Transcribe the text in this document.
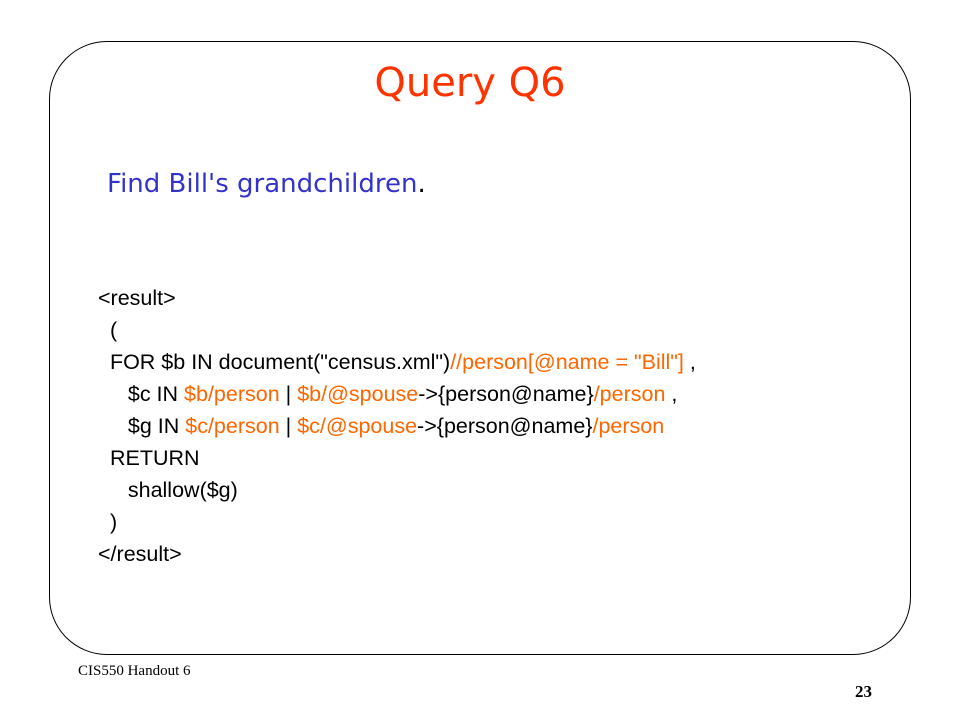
Query Q6
Find Bill's grandchildren.
<result>
(
FOR $b IN document("census.xml")//person[@name = "Bill"] ,
$c IN $b/person | $b/@spouse->{person@name}/person ,
$g IN $c/person | $c/@spouse->{person@name}/person
RETURN
shallow($g)
)
</result>
CIS550 Handout 6
23
